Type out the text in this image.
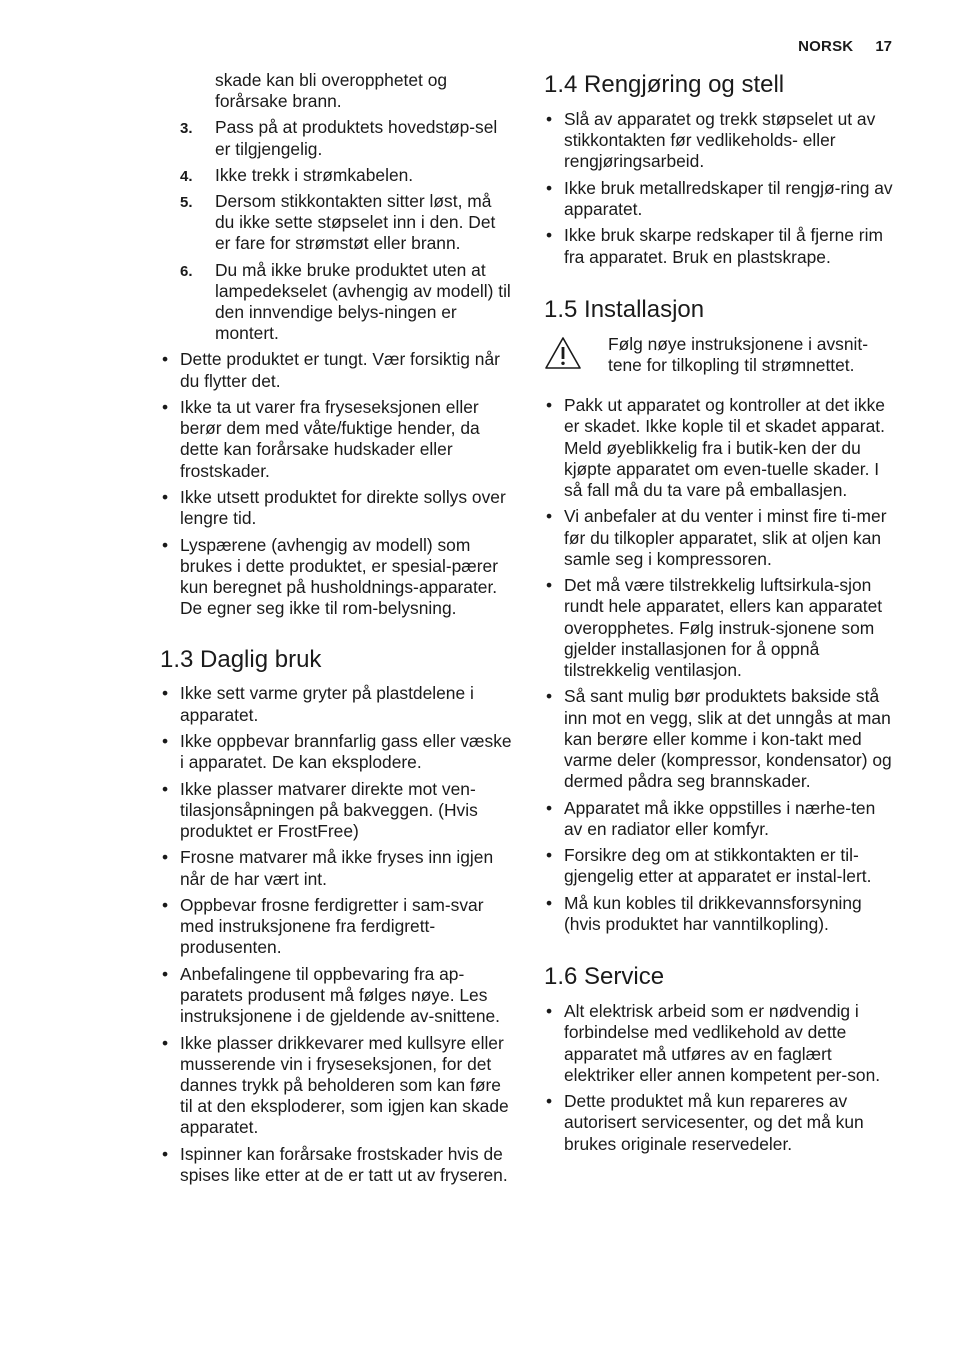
NORSK 17
skade kan bli overopphetet og forårsake brann.
3. Pass på at produktets hovedstøp-sel er tilgjengelig.
4. Ikke trekk i strømkabelen.
5. Dersom stikkontakten sitter løst, må du ikke sette støpselet inn i den. Det er fare for strømstøt eller brann.
6. Du må ikke bruke produktet uten at lampedekselet (avhengig av modell) til den innvendige belys-ningen er montert.
• Dette produktet er tungt. Vær forsiktig når du flytter det.
• Ikke ta ut varer fra fryseseksjonen eller berør dem med våte/fuktige hender, da dette kan forårsake hudskader eller frostskader.
• Ikke utsett produktet for direkte sollys over lengre tid.
• Lyspærene (avhengig av modell) som brukes i dette produktet, er spesial-pærer kun beregnet på husholdnings-apparater. De egner seg ikke til rom-belysning.
1.3 Daglig bruk
• Ikke sett varme gryter på plastdelene i apparatet.
• Ikke oppbevar brannfarlig gass eller væske i apparatet. De kan eksplodere.
• Ikke plasser matvarer direkte mot ven-tilasjonsåpningen på bakveggen. (Hvis produktet er FrostFree)
• Frosne matvarer må ikke fryses inn igjen når de har vært int.
• Oppbevar frosne ferdigretter i sam-svar med instruksjonene fra ferdigrett-produsenten.
• Anbefalingene til oppbevaring fra ap-paratets produsent må følges nøye. Les instruksjonene i de gjeldende av-snittene.
• Ikke plasser drikkevarer med kullsyre eller musserende vin i fryseseksjonen, for det dannes trykk på beholderen som kan føre til at den eksploderer, som igjen kan skade apparatet.
• Ispinner kan forårsake frostskader hvis de spises like etter at de er tatt ut av fryseren.
1.4 Rengjøring og stell
• Slå av apparatet og trekk støpselet ut av stikkontakten før vedlikeholds- eller rengjøringsarbeid.
• Ikke bruk metallredskaper til rengjø-ring av apparatet.
• Ikke bruk skarpe redskaper til å fjerne rim fra apparatet. Bruk en plastskrape.
1.5 Installasjon
Følg nøye instruksjonene i avsnit-tene for tilkopling til strømnettet.
• Pakk ut apparatet og kontroller at det ikke er skadet. Ikke kople til et skadet apparat. Meld øyeblikkelig fra i butik-ken der du kjøpte apparatet om even-tuelle skader. I så fall må du ta vare på emballasjen.
• Vi anbefaler at du venter i minst fire ti-mer før du tilkopler apparatet, slik at oljen kan samle seg i kompressoren.
• Det må være tilstrekkelig luftsirkula-sjon rundt hele apparatet, ellers kan apparatet overopphetes. Følg instruk-sjonene som gjelder installasjonen for å oppnå tilstrekkelig ventilasjon.
• Så sant mulig bør produktets bakside stå inn mot en vegg, slik at det unngås at man kan berøre eller komme i kon-takt med varme deler (kompressor, kondensator) og dermed pådra seg brannskader.
• Apparatet må ikke oppstilles i nærhe-ten av en radiator eller komfyr.
• Forsikre deg om at stikkontakten er til-gjengelig etter at apparatet er instal-lert.
• Må kun kobles til drikkevannsforsyning (hvis produktet har vanntilkopling).
1.6 Service
• Alt elektrisk arbeid som er nødvendig i forbindelse med vedlikehold av dette apparatet må utføres av en faglært elektriker eller annen kompetent per-son.
• Dette produktet må kun repareres av autorisert servicesenter, og det må kun brukes originale reservedeler.
